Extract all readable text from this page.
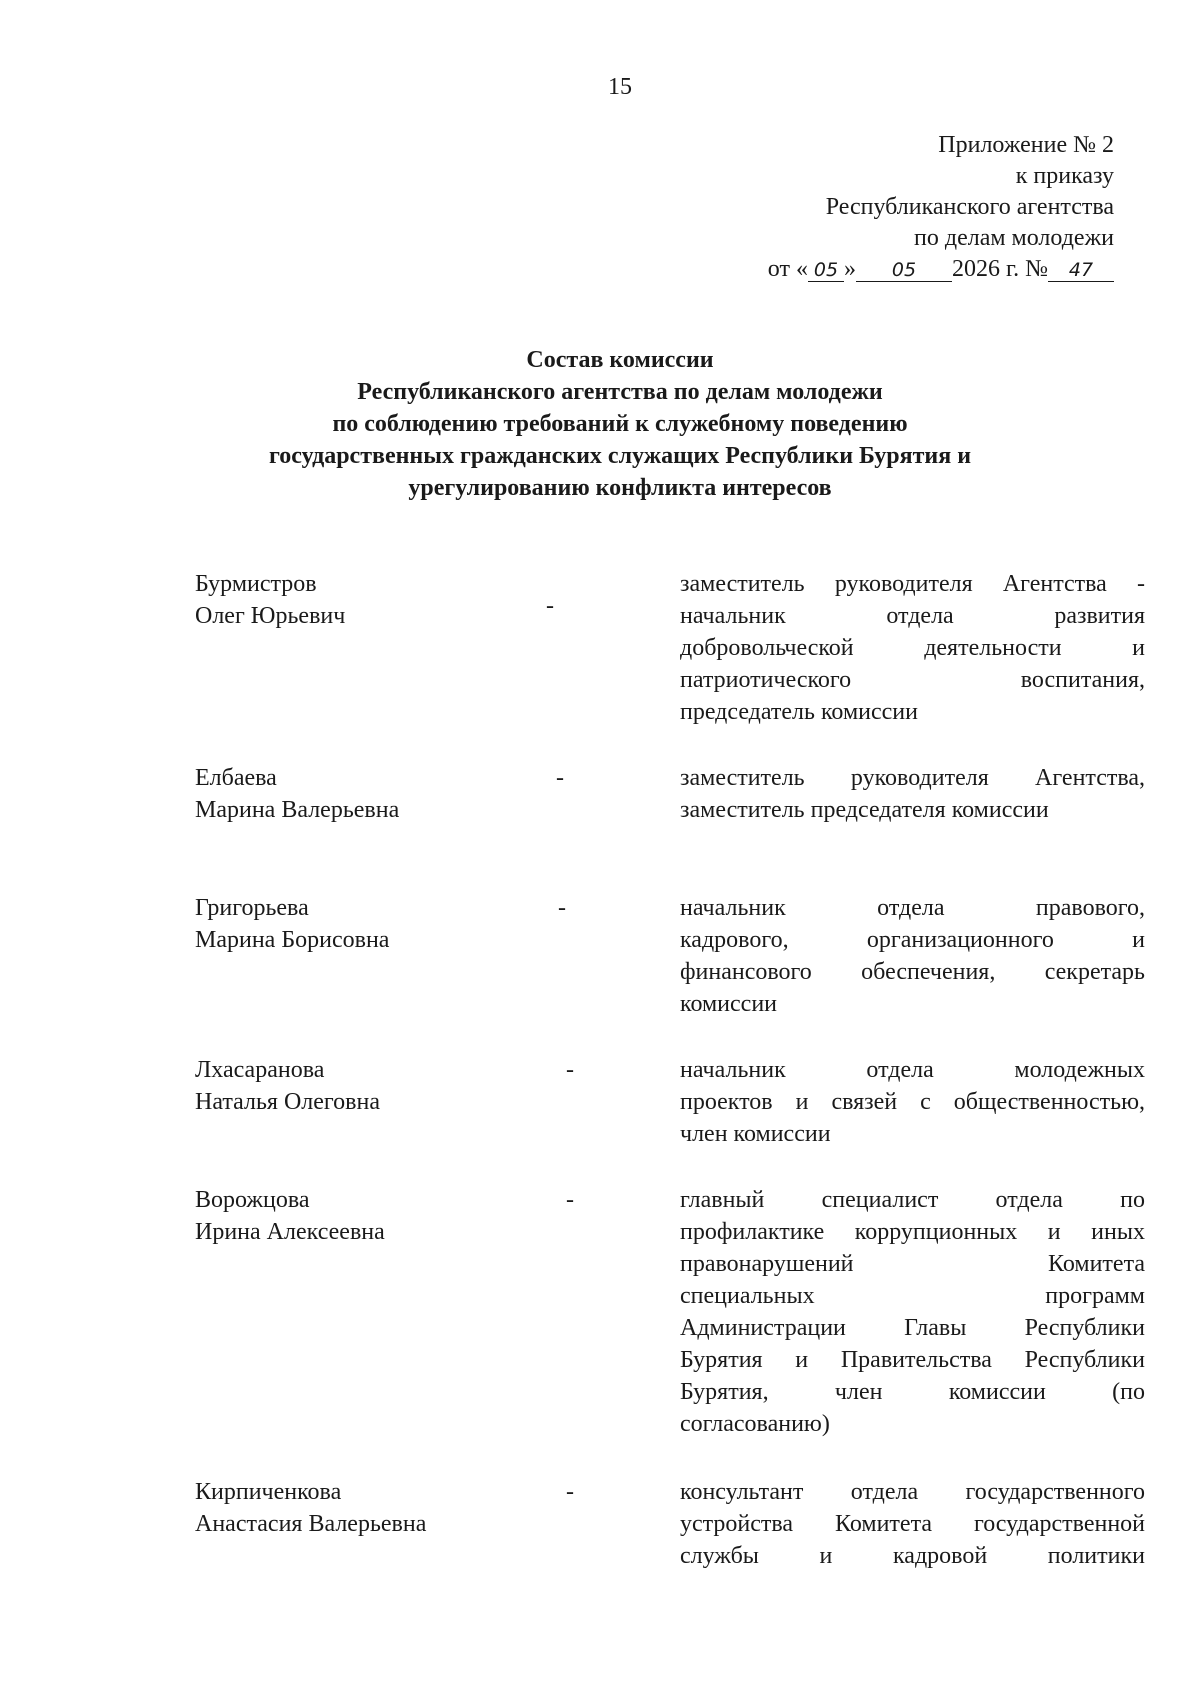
15
Приложение № 2
к приказу
Республиканского агентства
по делам молодежи
от « 05 » 05 2026 г. № 47
Состав комиссии
Республиканского агентства по делам молодежи
по соблюдению требований к служебному поведению
государственных гражданских служащих Республики Бурятия и
урегулированию конфликта интересов
Бурмистров
Олег Юрьевич	-
заместитель руководителя Агентства -
начальник отдела развития
добровольческой деятельности и
патриотического воспитания,
председатель комиссии
Елбаева
Марина Валерьевна
-	заместитель руководителя Агентства,
заместитель председателя комиссии
Григорьева
Марина Борисовна
-	начальник отдела правового,
кадрового, организационного и
финансового обеспечения, секретарь
комиссии
Лхасаранова
Наталья Олеговна
-	начальник отдела молодежных
проектов и связей с общественностью,
член комиссии
Ворожцова
Ирина Алексеевна
-	главный специалист отдела по
профилактике коррупционных и иных
правонарушений Комитета
специальных программ
Администрации Главы Республики
Бурятия и Правительства Республики
Бурятия, член комиссии (по
согласованию)
Кирпиченкова
Анастасия Валерьевна
-	консультант отдела государственного
устройства Комитета государственной
службы и кадровой политики
